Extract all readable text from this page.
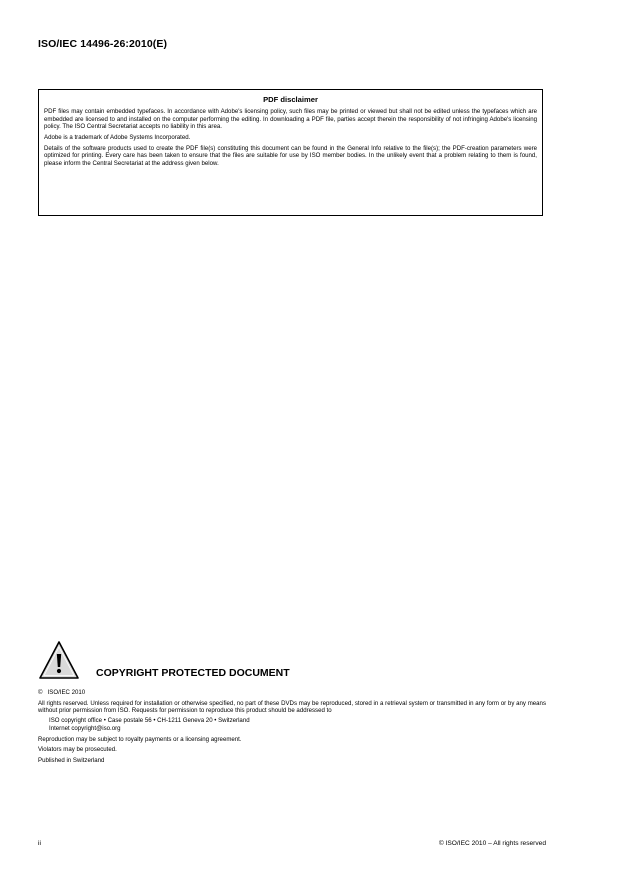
ISO/IEC 14496-26:2010(E)
PDF disclaimer

PDF files may contain embedded typefaces. In accordance with Adobe's licensing policy, such files may be printed or viewed but shall not be edited unless the typefaces which are embedded are licensed to and installed on the computer performing the editing. In downloading a PDF file, parties accept therein the responsibility of not infringing Adobe's licensing policy. The ISO Central Secretariat accepts no liability in this area.

Adobe is a trademark of Adobe Systems Incorporated.

Details of the software products used to create the PDF file(s) constituting this document can be found in the General Info relative to the file(s); the PDF-creation parameters were optimized for printing. Every care has been taken to ensure that the files are suitable for use by ISO member bodies. In the unlikely event that a problem relating to them is found, please inform the Central Secretariat at the address given below.

COPYRIGHT PROTECTED DOCUMENT

©   ISO/IEC 2010

All rights reserved. Unless required for installation or otherwise specified, no part of these DVDs may be reproduced, stored in a retrieval system or transmitted in any form or by any means without prior permission from ISO. Requests for permission to reproduce this product should be addressed to

ISO copyright office • Case postale 56 • CH-1211 Geneva 20 • Switzerland

Internet copyright@iso.org

Reproduction may be subject to royalty payments or a licensing agreement.

Violators may be prosecuted.

Published in Switzerland

ii	© ISO/IEC 2010 – All rights reserved
